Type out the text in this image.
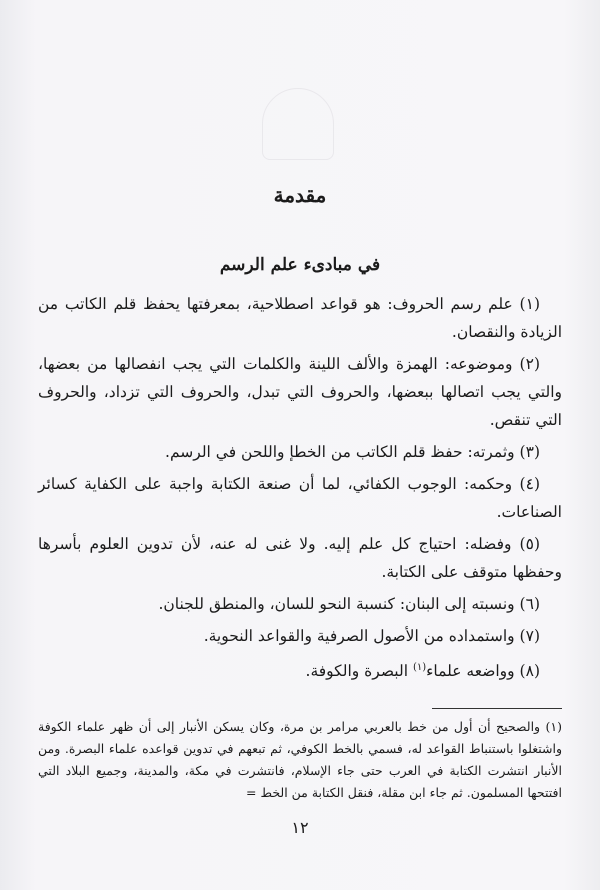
مقدمة
في مبادىء علم الرسم

(١) علم رسم الحروف: هو قواعد اصطلاحية، بمعرفتها يحفظ قلم الكاتب من الزيادة والنقصان.

(٢) وموضوعه: الهمزة والألف اللينة والكلمات التي يجب انفصالها من بعضها، والتي يجب اتصالها ببعضها، والحروف التي تبدل، والحروف التي تزداد، والحروف التي تنقص.

(٣) وثمرته: حفظ قلم الكاتب من الخطإ واللحن في الرسم.

(٤) وحكمه: الوجوب الكفائي، لما أن صنعة الكتابة واجبة على الكفاية كسائر الصناعات.

(٥) وفضله: احتياج كل علم إليه. ولا غنى له عنه، لأن تدوين العلوم بأسرها وحفظها متوقف على الكتابة.

(٦) ونسبته إلى البنان: كنسبة النحو للسان، والمنطق للجنان.

(٧) واستمداده من الأصول الصرفية والقواعد النحوية.

(٨) وواضعه علماء$^{(١)}$ البصرة والكوفة.

(١) والصحيح أن أول من خط بالعربي مرامر بن مرة، وكان يسكن الأنبار إلى أن ظهر علماء الكوفة واشتغلوا باستنباط القواعد له، فسمي بالخط الكوفي، ثم تبعهم في تدوين قواعده علماء البصرة. ومن الأنبار انتشرت الكتابة في العرب حتى جاء الإسلام، فانتشرت في مكة، والمدينة، وجميع البلاد التي افتتحها المسلمون. ثم جاء ابن مقلة، فنقل الكتابة من الخط =
١٢
